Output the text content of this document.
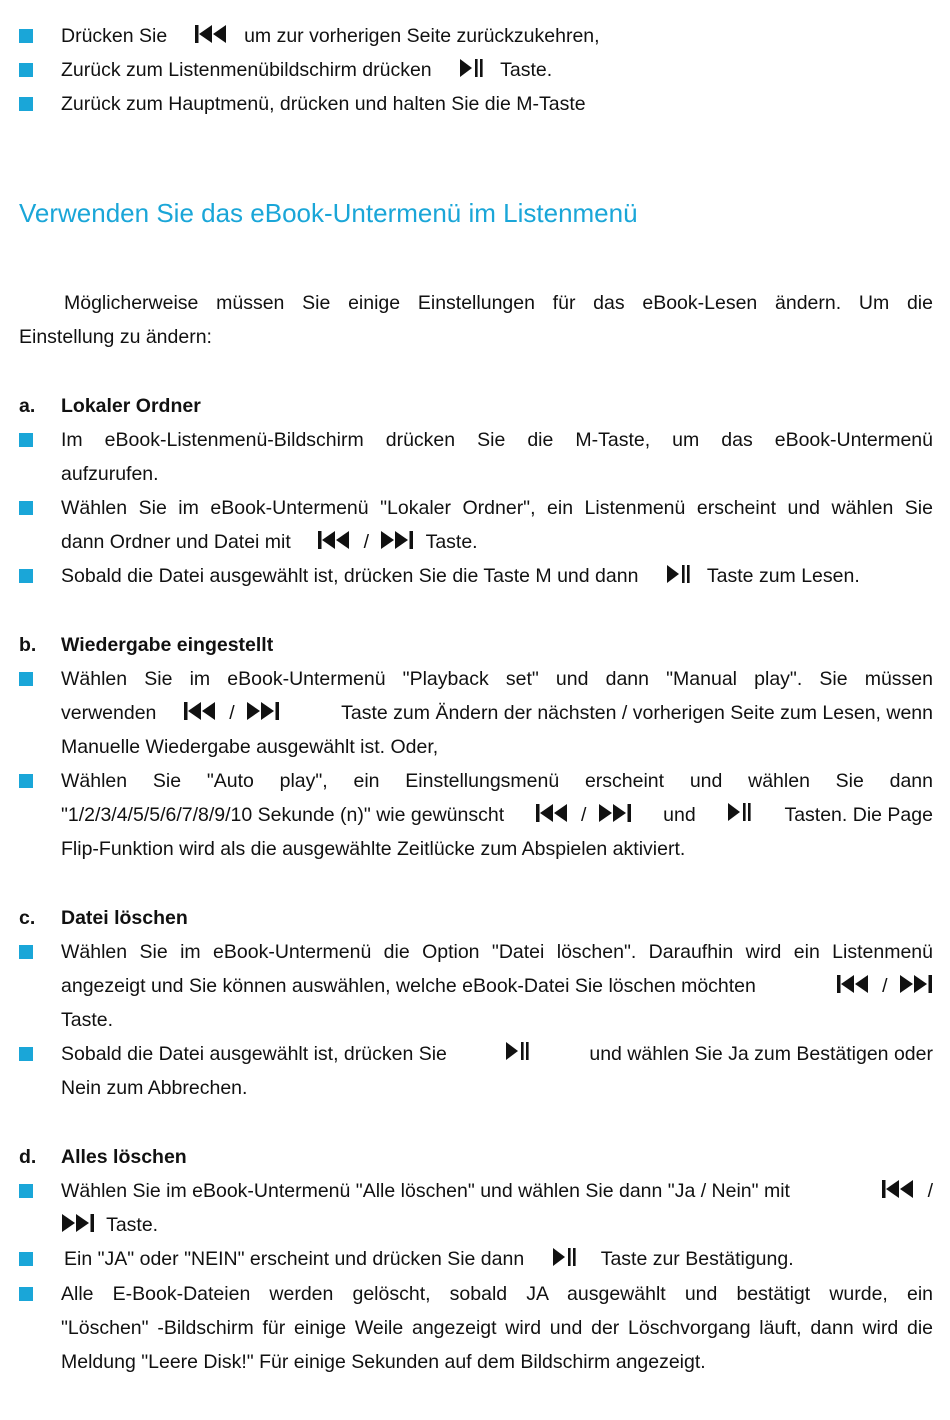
Drücken Sie	um zur vorherigen Seite zurückzukehren,
Zurück zum Listenmenübildschirm drücken	Taste.
Zurück zum Hauptmenü, drücken und halten Sie die M-Taste
Verwenden Sie das eBook-Untermenü im Listenmenü
Möglicherweise müssen Sie einige Einstellungen für das eBook-Lesen ändern. Um die
Einstellung zu ändern:
a. Lokaler Ordner
Im eBook-Listenmenü-Bildschirm drücken Sie die M-Taste, um das eBook-Untermenü
aufzurufen.
Wählen Sie im eBook-Untermenü "Lokaler Ordner", ein Listenmenü erscheint und wählen Sie
dann Ordner und Datei mit	/	Taste.
Sobald die Datei ausgewählt ist, drücken Sie die Taste M und dann	Taste zum Lesen.
b. Wiedergabe eingestellt
Wählen Sie im eBook-Untermenü "Playback set" und dann "Manual play". Sie müssen
verwenden	/	Taste zum Ändern der nächsten / vorherigen Seite zum Lesen, wenn
Manuelle Wiedergabe ausgewählt ist. Oder,
Wählen Sie "Auto play", ein Einstellungsmenü erscheint und wählen Sie dann
"1/2/3/4/5/5/6/7/8/9/10 Sekunde (n)" wie gewünscht	/	und	Tasten. Die Page
Flip-Funktion wird als die ausgewählte Zeitlücke zum Abspielen aktiviert.
c. Datei löschen
Wählen Sie im eBook-Untermenü die Option "Datei löschen". Daraufhin wird ein Listenmenü
angezeigt und Sie können auswählen, welche eBook-Datei Sie löschen möchten	/
Taste.
Sobald die Datei ausgewählt ist, drücken Sie	und wählen Sie Ja zum Bestätigen oder
Nein zum Abbrechen.
d. Alles löschen
Wählen Sie im eBook-Untermenü "Alle löschen" und wählen Sie dann "Ja / Nein" mit	/
Taste.
Ein "JA" oder "NEIN" erscheint und drücken Sie dann	Taste zur Bestätigung.
Alle E-Book-Dateien werden gelöscht, sobald JA ausgewählt und bestätigt wurde, ein
"Löschen" -Bildschirm für einige Weile angezeigt wird und der Löschvorgang läuft, dann wird die
Meldung "Leere Disk!" Für einige Sekunden auf dem Bildschirm angezeigt.
